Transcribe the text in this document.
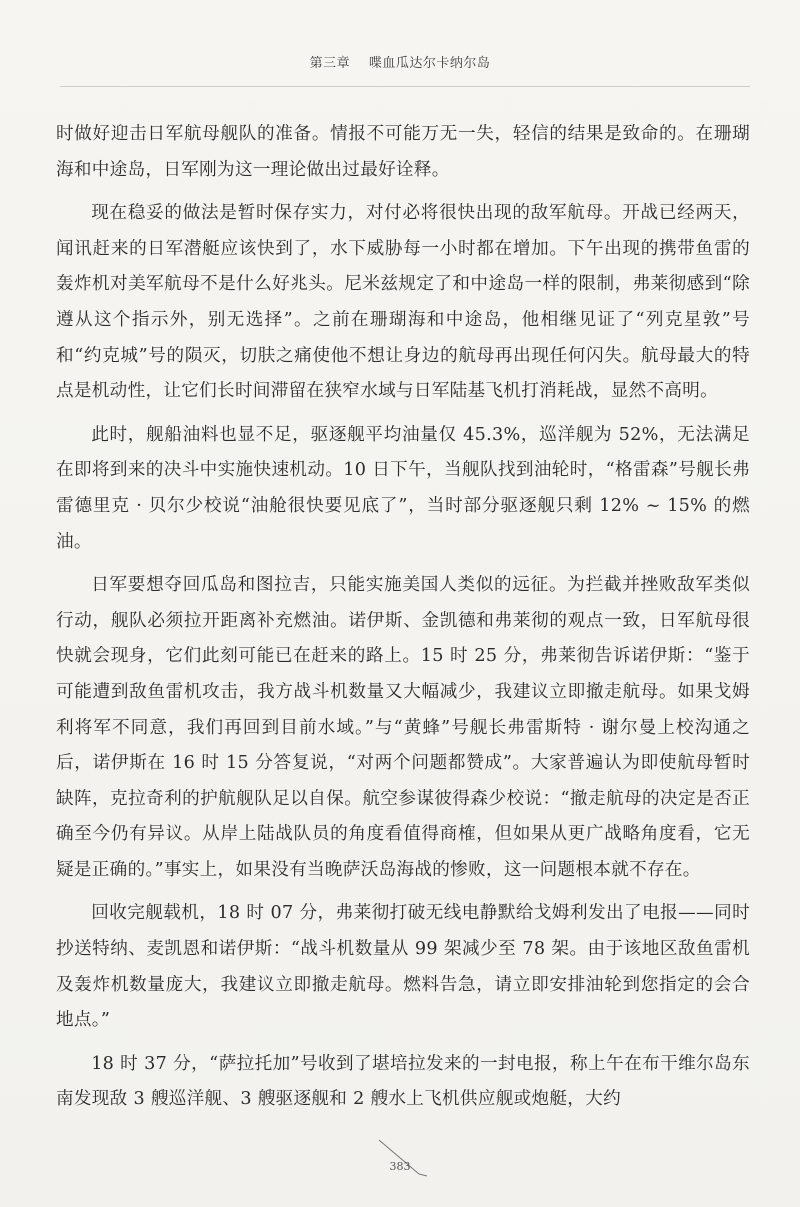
第三章 喋血瓜达尔卡纳尔岛

时做好迎击日军航母舰队的准备。情报不可能万无一失，轻信的结果是致命的。在珊瑚海和中途岛，日军刚为这一理论做出过最好诠释。

现在稳妥的做法是暂时保存实力，对付必将很快出现的敌军航母。开战已经两天，闻讯赶来的日军潜艇应该快到了，水下威胁每一小时都在增加。下午出现的携带鱼雷的轰炸机对美军航母不是什么好兆头。尼米兹规定了和中途岛一样的限制，弗莱彻感到“除遵从这个指示外，别无选择”。之前在珊瑚海和中途岛，他相继见证了“列克星敦”号和“约克城”号的陨灭，切肤之痛使他不想让身边的航母再出现任何闪失。航母最大的特点是机动性，让它们长时间滞留在狭窄水域与日军陆基飞机打消耗战，显然不高明。

此时，舰船油料也显不足，驱逐舰平均油量仅 45.3%，巡洋舰为 52%，无法满足在即将到来的决斗中实施快速机动。10 日下午，当舰队找到油轮时，“格雷森”号舰长弗雷德里克 · 贝尔少校说“油舱很快要见底了”，当时部分驱逐舰只剩 12% ~ 15% 的燃油。

日军要想夺回瓜岛和图拉吉，只能实施美国人类似的远征。为拦截并挫败敌军类似行动，舰队必须拉开距离补充燃油。诺伊斯、金凯德和弗莱彻的观点一致，日军航母很快就会现身，它们此刻可能已在赶来的路上。15 时 25 分，弗莱彻告诉诺伊斯：“鉴于可能遭到敌鱼雷机攻击，我方战斗机数量又大幅减少，我建议立即撤走航母。如果戈姆利将军不同意，我们再回到目前水域。”与“黄蜂”号舰长弗雷斯特 · 谢尔曼上校沟通之后，诺伊斯在 16 时 15 分答复说，“对两个问题都赞成”。大家普遍认为即使航母暂时缺阵，克拉奇利的护航舰队足以自保。航空参谋彼得森少校说：“撤走航母的决定是否正确至今仍有异议。从岸上陆战队员的角度看值得商榷，但如果从更广战略角度看，它无疑是正确的。”事实上，如果没有当晚萨沃岛海战的惨败，这一问题根本就不存在。

回收完舰载机，18 时 07 分，弗莱彻打破无线电静默给戈姆利发出了电报——同时抄送特纳、麦凯恩和诺伊斯：“战斗机数量从 99 架减少至 78 架。由于该地区敌鱼雷机及轰炸机数量庞大，我建议立即撤走航母。燃料告急，请立即安排油轮到您指定的会合地点。”

18 时 37 分，“萨拉托加”号收到了堪培拉发来的一封电报，称上午在布干维尔岛东南发现敌 3 艘巡洋舰、3 艘驱逐舰和 2 艘水上飞机供应舰或炮艇，大约

383
